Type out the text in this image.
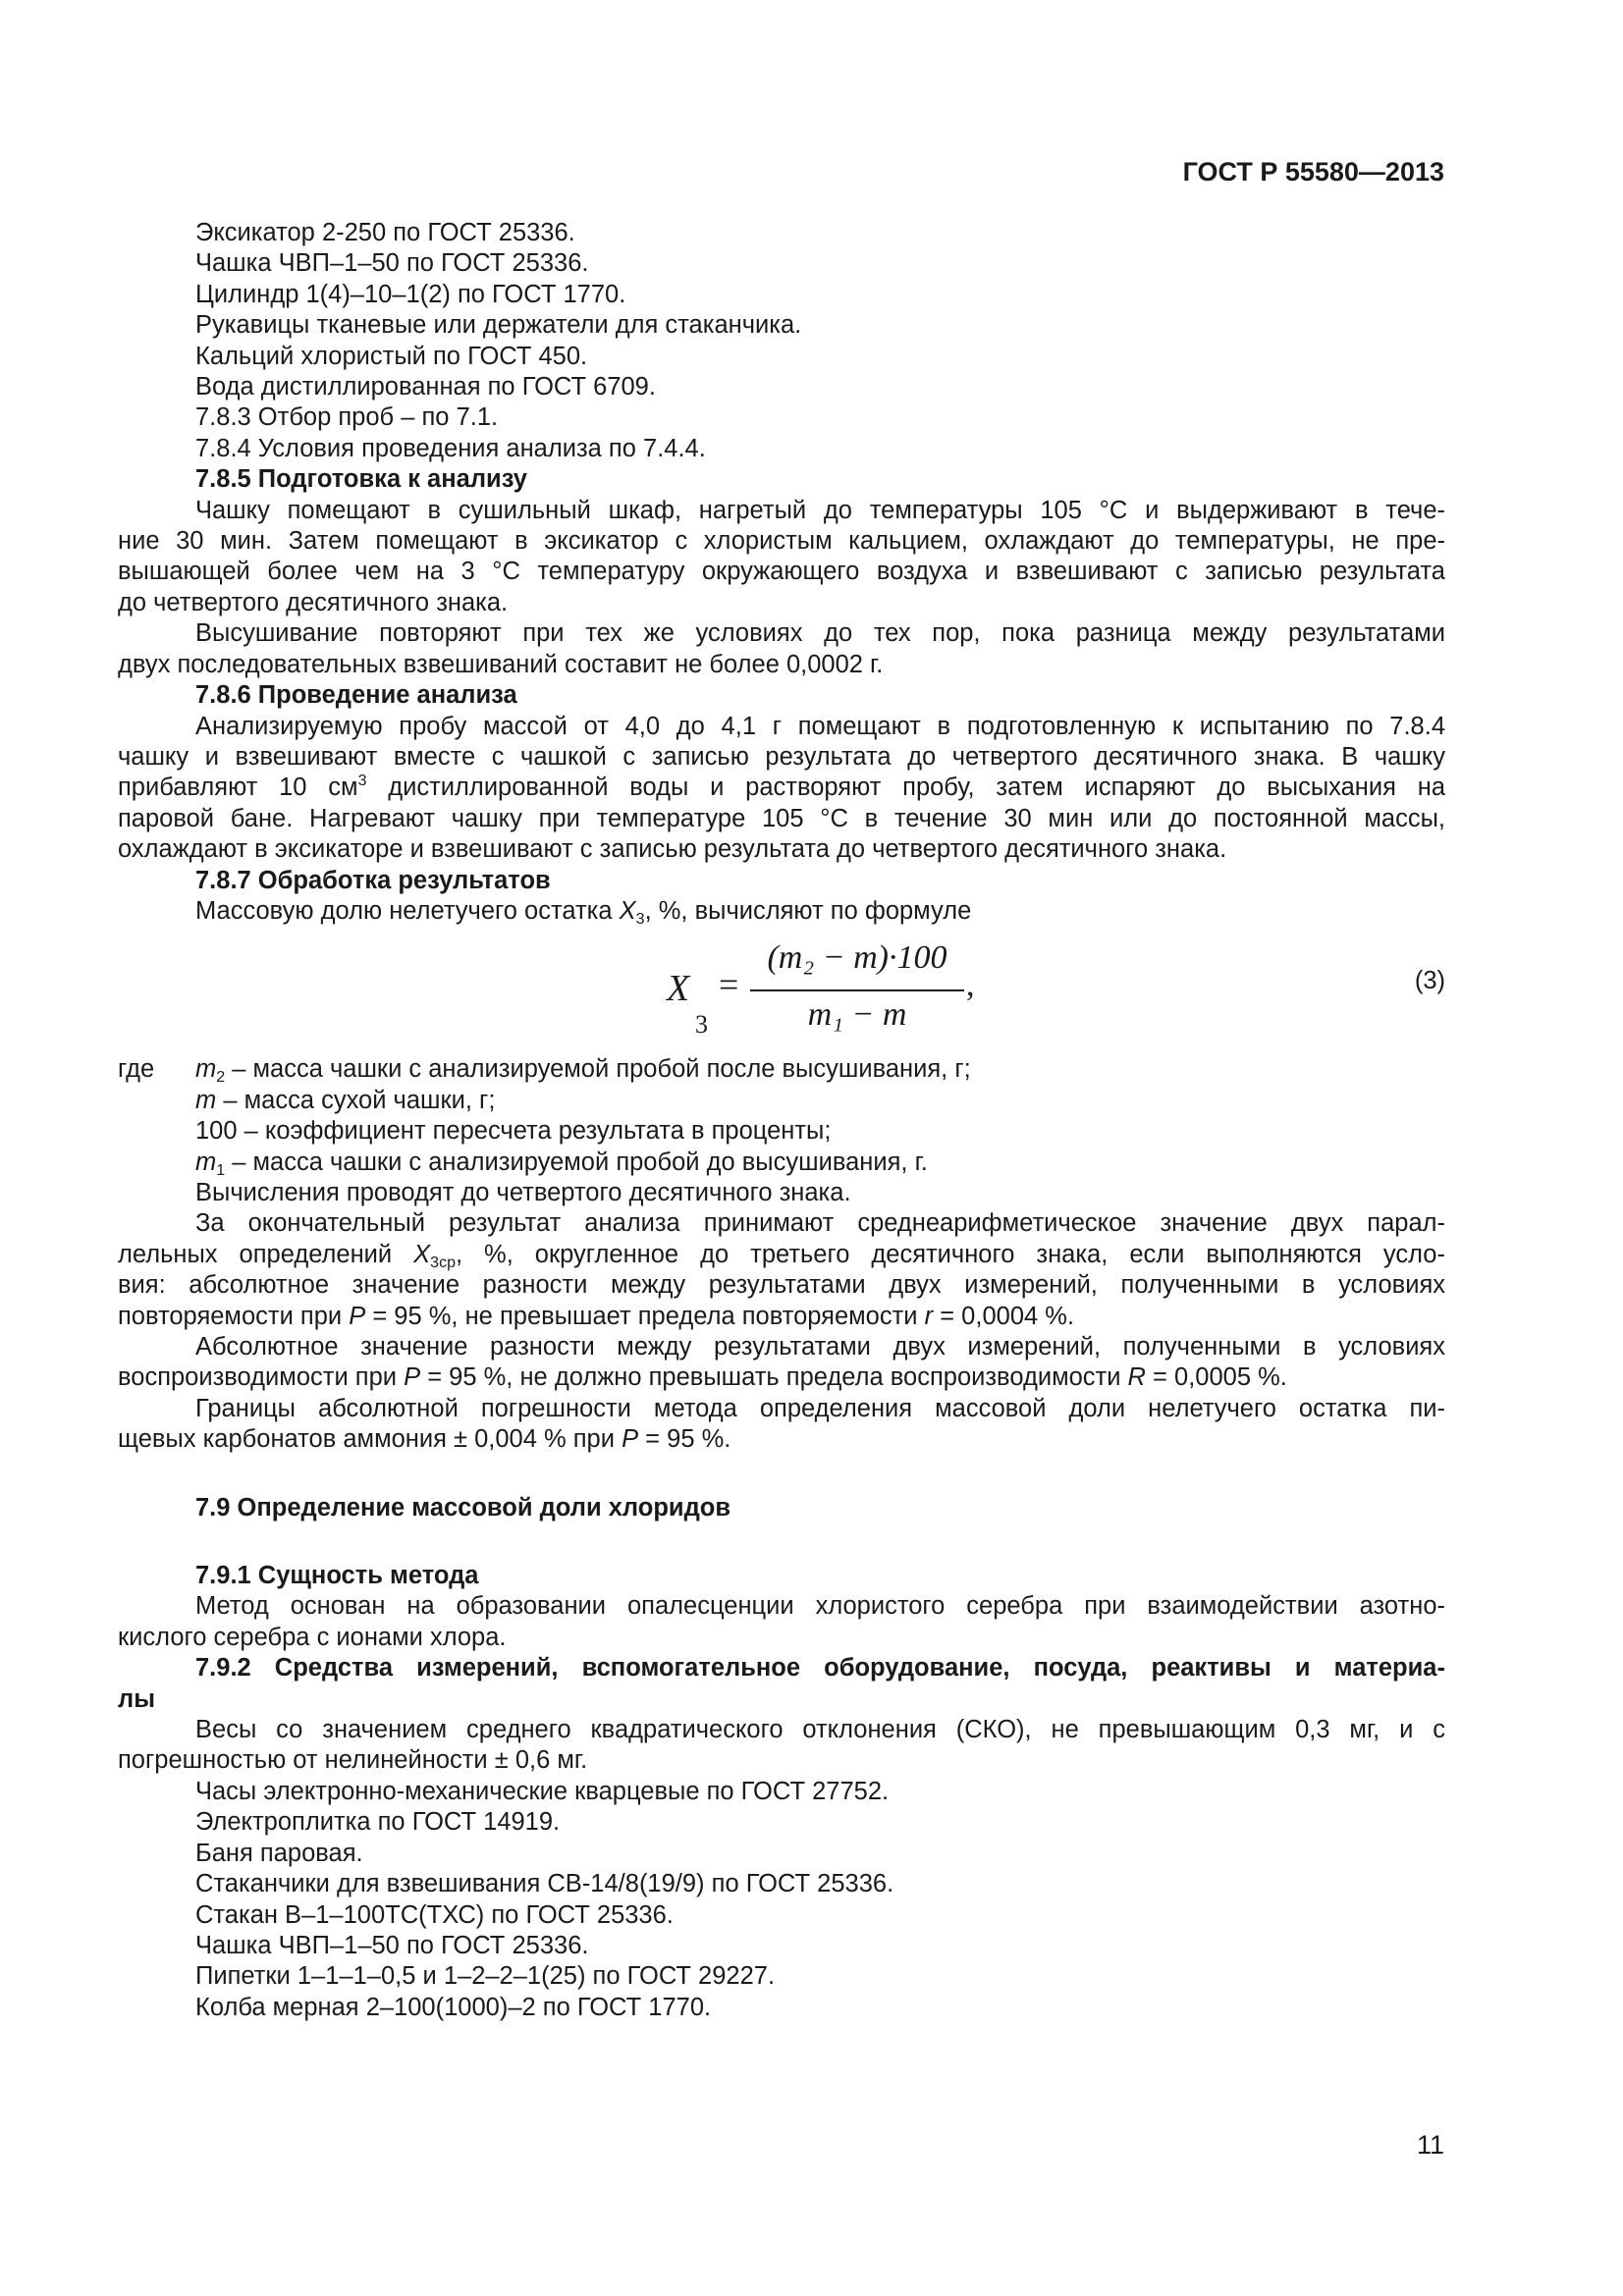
ГОСТ Р 55580—2013

Эксикатор 2-250 по ГОСТ 25336.

Чашка ЧВП–1–50 по ГОСТ 25336.

Цилиндр 1(4)–10–1(2) по ГОСТ 1770.

Рукавицы тканевые или держатели для стаканчика.

Кальций хлористый по ГОСТ 450.

Вода дистиллированная по ГОСТ 6709.

7.8.3 Отбор проб – по 7.1.

7.8.4 Условия проведения анализа по 7.4.4.

7.8.5 Подготовка к анализу

Чашку помещают в сушильный шкаф, нагретый до температуры 105 °С и выдерживают в тече-

ние 30 мин. Затем помещают в эксикатор с хлористым кальцием, охлаждают до температуры, не пре-

вышающей более чем на 3 °С температуру окружающего воздуха и взвешивают с записью результата

до четвертого десятичного знака.

Высушивание повторяют при тех же условиях до тех пор, пока разница между результатами

двух последовательных взвешиваний составит не более 0,0002 г.

7.8.6 Проведение анализа

Анализируемую пробу массой от 4,0 до 4,1 г помещают в подготовленную к испытанию по 7.8.4

чашку и взвешивают вместе с чашкой с записью результата до четвертого десятичного знака. В чашку

прибавляют 10 $см^3$ дистиллированной воды и растворяют пробу, затем испаряют до высыхания на

паровой бане. Нагревают чашку при температуре 105 °С в течение 30 мин или до постоянной массы,

охлаждают в эксикаторе и взвешивают с записью результата до четвертого десятичного знака.

7.8.7 Обработка результатов

Массовую долю нелетучего остатка $X_3$, %, вычисляют по формуле

X
3
=
(m₂ − m)·100
m₁ − m
,	(3)
где $m_2$ – масса чашки с анализируемой пробой после высушивания, г;

m – масса сухой чашки, г;

100 – коэффициент пересчета результата в проценты;

$m_1$ – масса чашки с анализируемой пробой до высушивания, г.

Вычисления проводят до четвертого десятичного знака.

За окончательный результат анализа принимают среднеарифметическое значение двух парал-

лельных определений $X_{3ср}$, %, округленное до третьего десятичного знака, если выполняются усло-

вия: абсолютное значение разности между результатами двух измерений, полученными в условиях

повторяемости при P = 95 %, не превышает предела повторяемости r = 0,0004 %.

Абсолютное значение разности между результатами двух измерений, полученными в условиях

воспроизводимости при P = 95 %, не должно превышать предела воспроизводимости R = 0,0005 %.

Границы абсолютной погрешности метода определения массовой доли нелетучего остатка пи-

щевых карбонатов аммония ± 0,004 % при P = 95 %.

7.9 Определение массовой доли хлоридов

7.9.1 Сущность метода

Метод основан на образовании опалесценции хлористого серебра при взаимодействии азотно-

кислого серебра с ионами хлора.

7.9.2 Средства измерений, вспомогательное оборудование, посуда, реактивы и материа-

лы

Весы со значением среднего квадратического отклонения (СКО), не превышающим 0,3 мг, и с

погрешностью от нелинейности ± 0,6 мг.

Часы электронно-механические кварцевые по ГОСТ 27752.

Электроплитка по ГОСТ 14919.

Баня паровая.

Стаканчики для взвешивания СВ-14/8(19/9) по ГОСТ 25336.

Стакан В–1–100ТС(ТХС) по ГОСТ 25336.

Чашка ЧВП–1–50 по ГОСТ 25336.

Пипетки 1–1–1–0,5 и 1–2–2–1(25) по ГОСТ 29227.

Колба мерная 2–100(1000)–2 по ГОСТ 1770.

11
